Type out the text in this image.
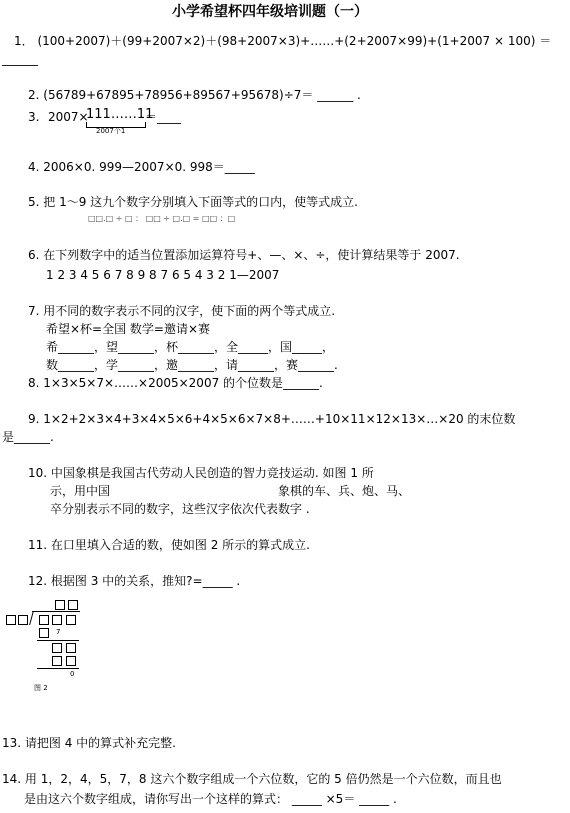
小学希望杯四年级培训题（一）
1． (100+2007)＋(99+2007×2)＋(98+2007×3)+……+(2+2007×99)+(1+2007 × 100) ＝
______
2. (56789+67895+78956+89567+95678)÷7＝ ______ .
3. 2007×
111……11
＝____
2007个1
4. 2006×0. 999—2007×0. 998＝_____
5. 把 1～9 这九个数字分别填入下面等式的口内，使等式成立.
□□.□ ÷ □ ： □□ ÷ □.□ = □□ ：□
6. 在下列数字中的适当位置添加运算符号+、—、×、÷，使计算结果等于 2007.
1 2 3 4 5 6 7 8 9 8 7 6 5 4 3 2 1—2007
7. 用不同的数字表示不同的汉字，使下面的两个等式成立.
希望×杯=全国 数学=邀请×赛
希______，望______，杯______，全_____，国_____，
数______，学______，邀______，请______，赛______.
8. 1×3×5×7×……×2005×2007 的个位数是______.
9. 1×2+2×3×4+3×4×5×6+4×5×6×7×8+……+10×11×12×13×…×20 的末位数
是______.
10. 中国象棋是我国古代劳动人民创造的智力竞技运动. 如图 1 所
示，用中国	象棋的车、兵、炮、马、
卒分别表示不同的数字，这些汉字依次代表数字 .
11. 在口里填入合适的数，使如图 2 所示的算式成立.
12. 根据图 3 中的关系，推知?=_____ .
7
0
图 2
13. 请把图 4 中的算式补充完整.
14. 用 1，2，4，5，7，8 这六个数字组成一个六位数，它的 5 倍仍然是一个六位数，而且也
是由这六个数字组成，请你写出一个这样的算式： _____ ×5＝ _____ .
